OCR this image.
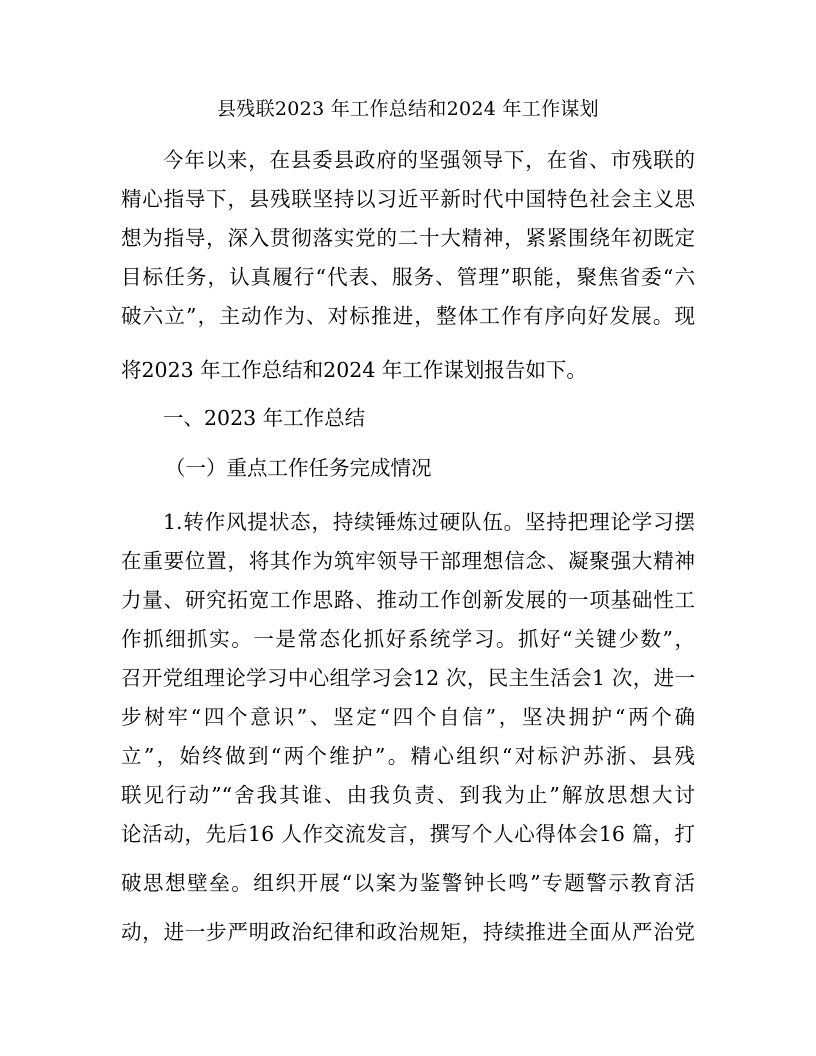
县残联2023 年工作总结和2024 年工作谋划
今年以来，在县委县政府的坚强领导下，在省、市残联的
精心指导下，县残联坚持以习近平新时代中国特色社会主义思
想为指导，深入贯彻落实党的二十大精神，紧紧围绕年初既定
目标任务，认真履行“代表、服务、管理”职能，聚焦省委“六
破六立”，主动作为、对标推进，整体工作有序向好发展。现
将2023 年工作总结和2024 年工作谋划报告如下。
一、2023 年工作总结
（一）重点工作任务完成情况
1.转作风提状态，持续锤炼过硬队伍。坚持把理论学习摆
在重要位置，将其作为筑牢领导干部理想信念、凝聚强大精神
力量、研究拓宽工作思路、推动工作创新发展的一项基础性工
作抓细抓实。一是常态化抓好系统学习。抓好“关键少数”，
召开党组理论学习中心组学习会12 次，民主生活会1 次，进一
步树牢“四个意识”、坚定“四个自信”，坚决拥护“两个确
立”，始终做到“两个维护”。精心组织“对标沪苏浙、县残
联见行动”“舍我其谁、由我负责、到我为止”解放思想大讨
论活动，先后16 人作交流发言，撰写个人心得体会16 篇，打
破思想壁垒。组织开展“以案为鉴警钟长鸣”专题警示教育活
动，进一步严明政治纪律和政治规矩，持续推进全面从严治党
